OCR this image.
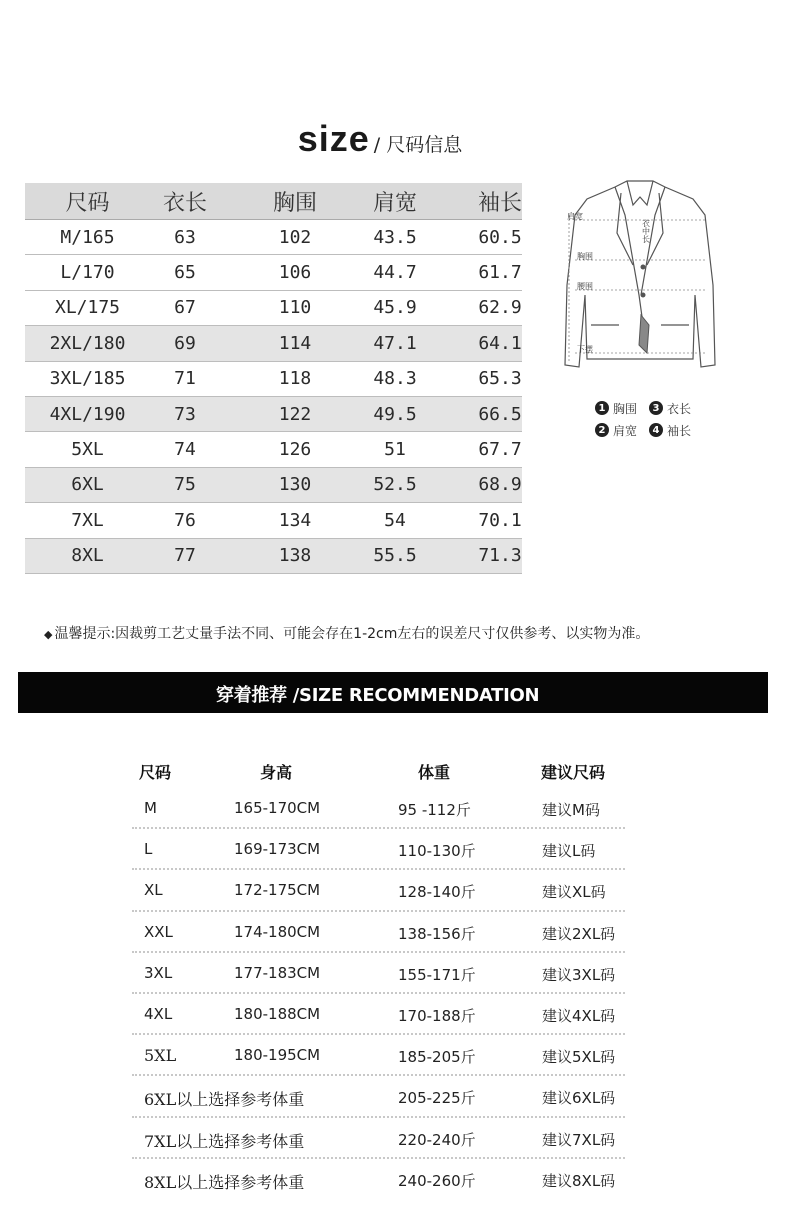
size / 尺码信息
尺码	衣长	胸围	肩宽	袖长
M/165	63	102	43.5	60.5
L/170	65	106	44.7	61.7
XL/175	67	110	45.9	62.9
2XL/180	69	114	47.1	64.1
3XL/185	71	118	48.3	65.3
4XL/190	73	122	49.5	66.5
5XL	74	126	51	67.7
6XL	75	130	52.5	68.9
7XL	76	134	54	70.1
8XL	77	138	55.5	71.3
肩宽
胸围
腰围
下摆
衣中长
1 胸围	3 衣长
2 肩宽	4 袖长
◆ 温馨提示:因裁剪工艺丈量手法不同、可能会存在1-2cm左右的误差尺寸仅供参考、以实物为准。
穿着推荐 /SIZE RECOMMENDATION
尺码	身高	体重	建议尺码
M	165-170CM	95 -112斤	建议M码
L	169-173CM	110-130斤	建议L码
XL	172-175CM	128-140斤	建议XL码
XXL	174-180CM	138-156斤	建议2XL码
3XL	177-183CM	155-171斤	建议3XL码
4XL	180-188CM	170-188斤	建议4XL码
5XL	180-195CM	185-205斤	建议5XL码
6XL以上选择参考体重	205-225斤	建议6XL码
7XL以上选择参考体重	220-240斤	建议7XL码
8XL以上选择参考体重	240-260斤	建议8XL码
